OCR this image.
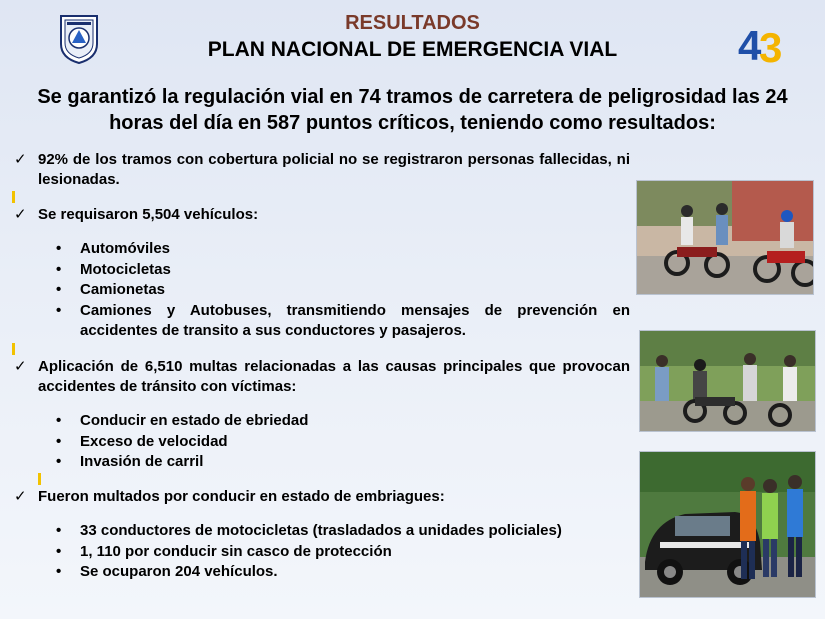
RESULTADOS
PLAN NACIONAL DE EMERGENCIA VIAL	4
3
Se garantizó la regulación vial en 74 tramos de carretera de peligrosidad las 24 horas del día en 587 puntos críticos, teniendo como resultados:
✓ 92% de los tramos con cobertura policial no se registraron personas fallecidas, ni lesionadas.
✓ Se requisaron 5,504 vehículos:
• Automóviles
• Motocicletas
• Camionetas
• Camiones y Autobuses, transmitiendo mensajes de prevención en accidentes de transito a sus conductores y pasajeros.
✓ Aplicación de 6,510 multas relacionadas a las causas principales que provocan accidentes de tránsito con víctimas:
• Conducir en estado de ebriedad
• Exceso de velocidad
• Invasión de carril
✓ Fueron multados por conducir en estado de embriagues:
• 33 conductores de motocicletas (trasladados a unidades policiales)
• 1, 110 por conducir sin casco de protección
• Se ocuparon 204 vehículos.
